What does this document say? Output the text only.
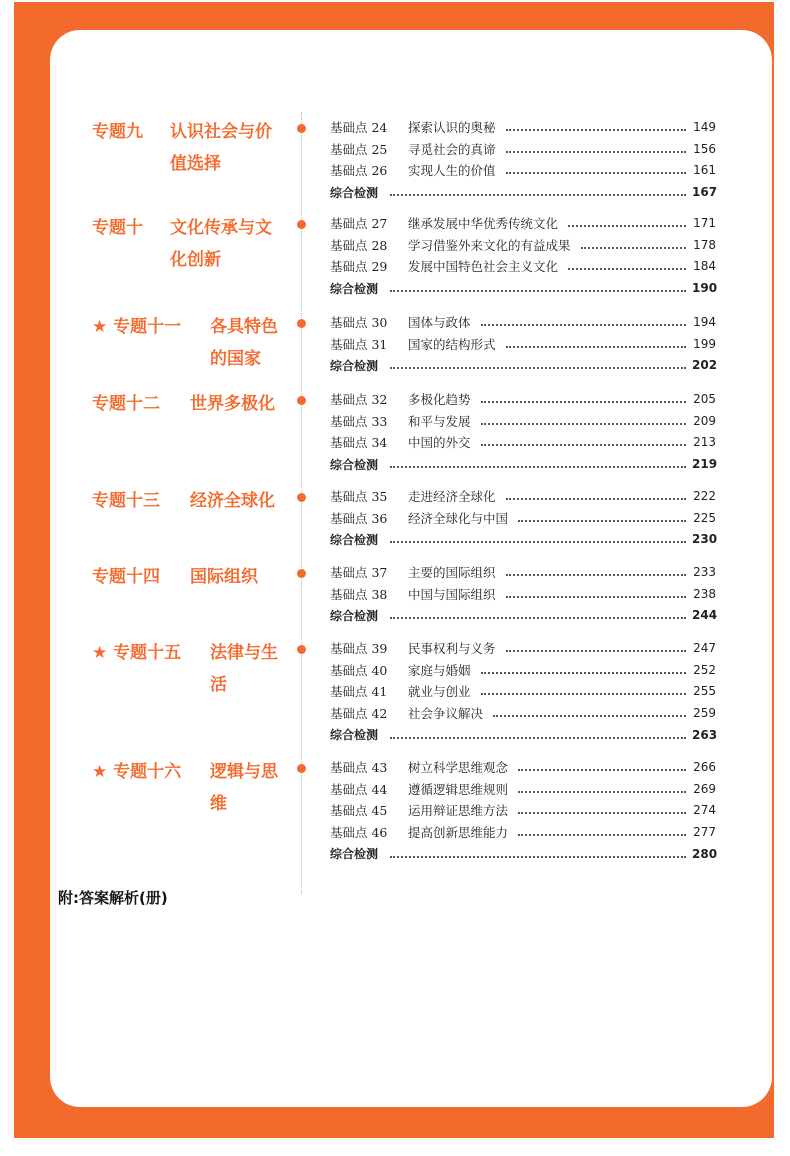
专题九 认识社会与价
值选择
基础点 24	探索认识的奥秘	149
基础点 25	寻觅社会的真谛	156
基础点 26	实现人生的价值	161
综合检测	167
专题十 文化传承与文
化创新
基础点 27	继承发展中华优秀传统文化	171
基础点 28	学习借鉴外来文化的有益成果	178
基础点 29	发展中国特色社会主义文化	184
综合检测	190
★ 专题十一 各具特色
的国家
基础点 30	国体与政体	194
基础点 31	国家的结构形式	199
综合检测	202
专题十二 世界多极化	基础点 32	多极化趋势	205
基础点 33	和平与发展	209
基础点 34	中国的外交	213
综合检测	219
专题十三 经济全球化	基础点 35	走进经济全球化	222
基础点 36	经济全球化与中国	225
综合检测	230
专题十四 国际组织	基础点 37	主要的国际组织	233
基础点 38	中国与国际组织	238
综合检测	244
★ 专题十五 法律与生
活
基础点 39	民事权利与义务	247
基础点 40	家庭与婚姻	252
基础点 41	就业与创业	255
基础点 42	社会争议解决	259
综合检测	263
★ 专题十六 逻辑与思
维
基础点 43	树立科学思维观念	266
基础点 44	遵循逻辑思维规则	269
基础点 45	运用辩证思维方法	274
基础点 46	提高创新思维能力	277
综合检测	280
附:答案解析(册)
